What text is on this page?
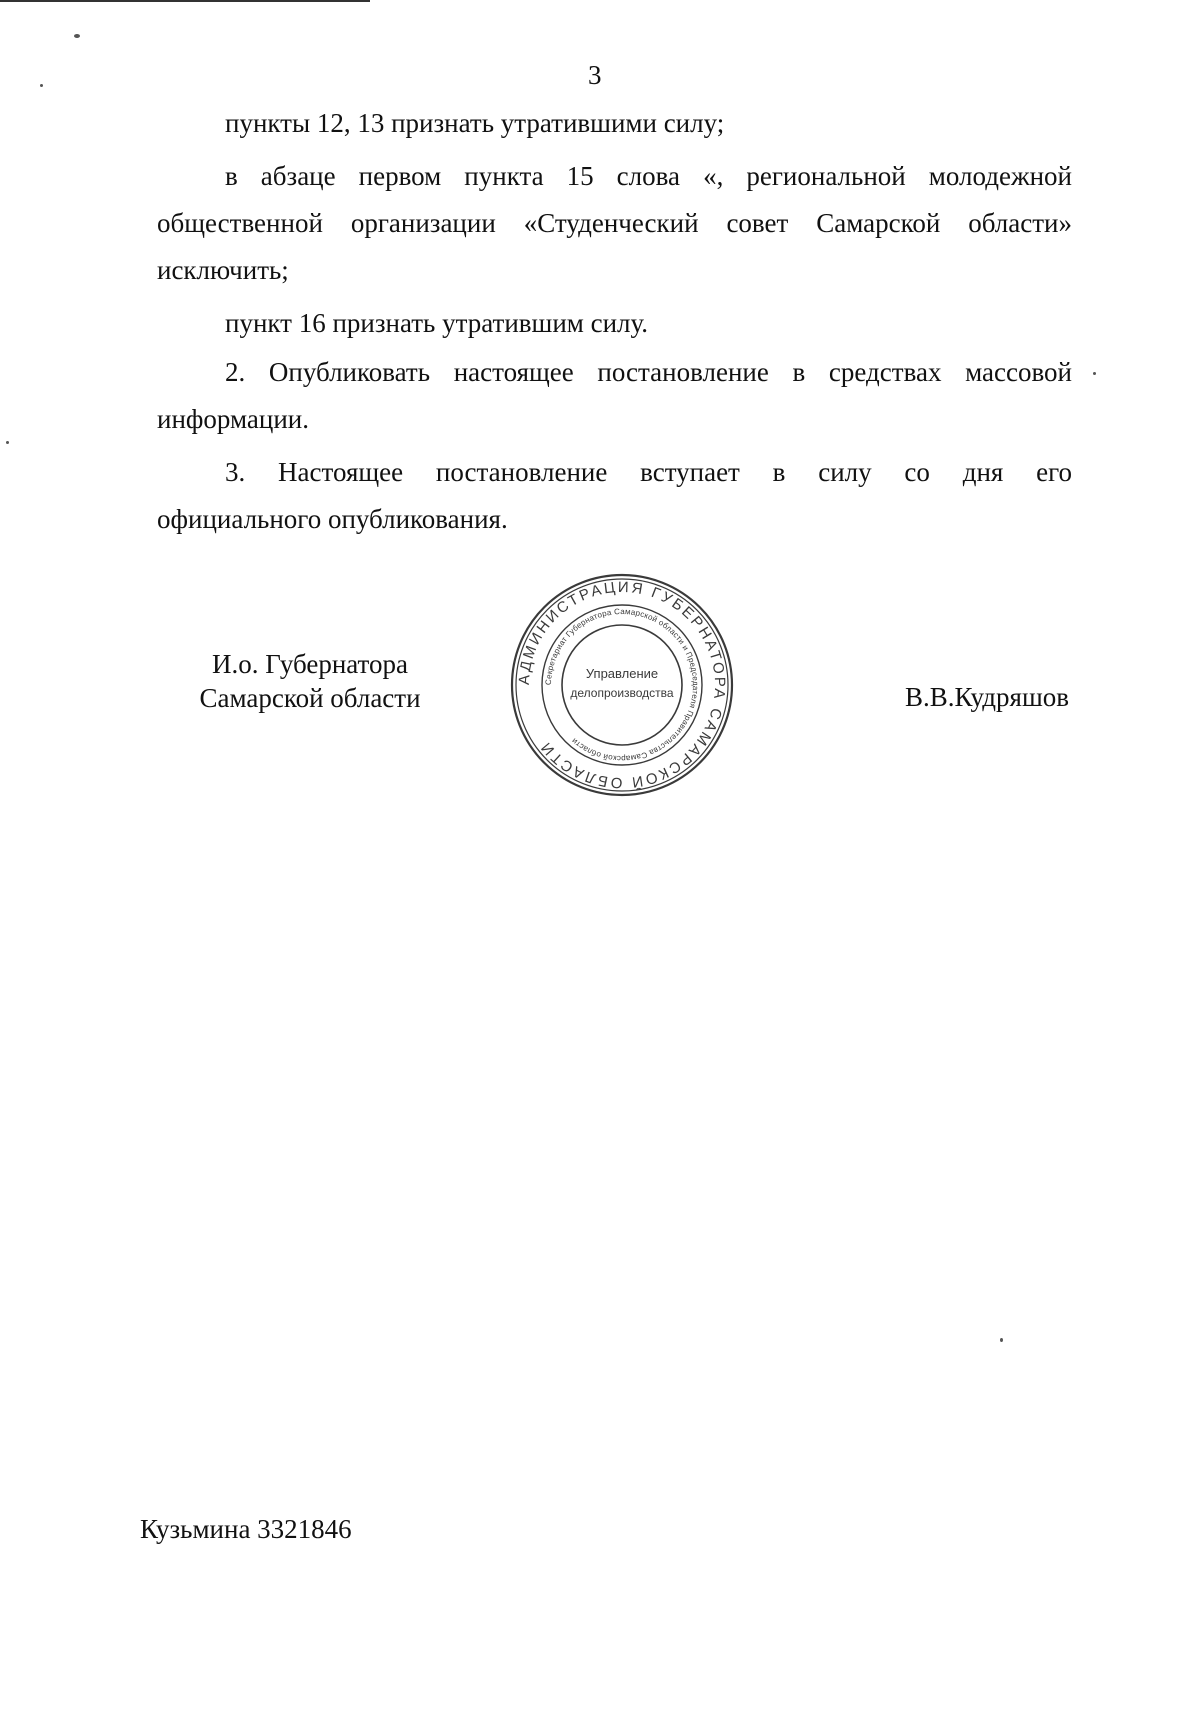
3
пункты 12, 13 признать утратившими силу;
в абзаце первом пункта 15 слова «, региональной молодежной
общественной организации «Студенческий совет Самарской области»
исключить;
пункт 16 признать утратившим силу.
2. Опубликовать настоящее постановление в средствах массовой
информации.
3. Настоящее постановление вступает в силу со дня его
официального опубликования.
И.о. Губернатора
Самарской области
АДМИНИСТРАЦИЯ ГУБЕРНАТОРА САМАРСКОЙ ОБЛАСТИ
Секретариат Губернатора Самарской области и Председателя Правительства Самарской области
Управление
делопроизводства	В.В.Кудряшов
Кузьмина 3321846
